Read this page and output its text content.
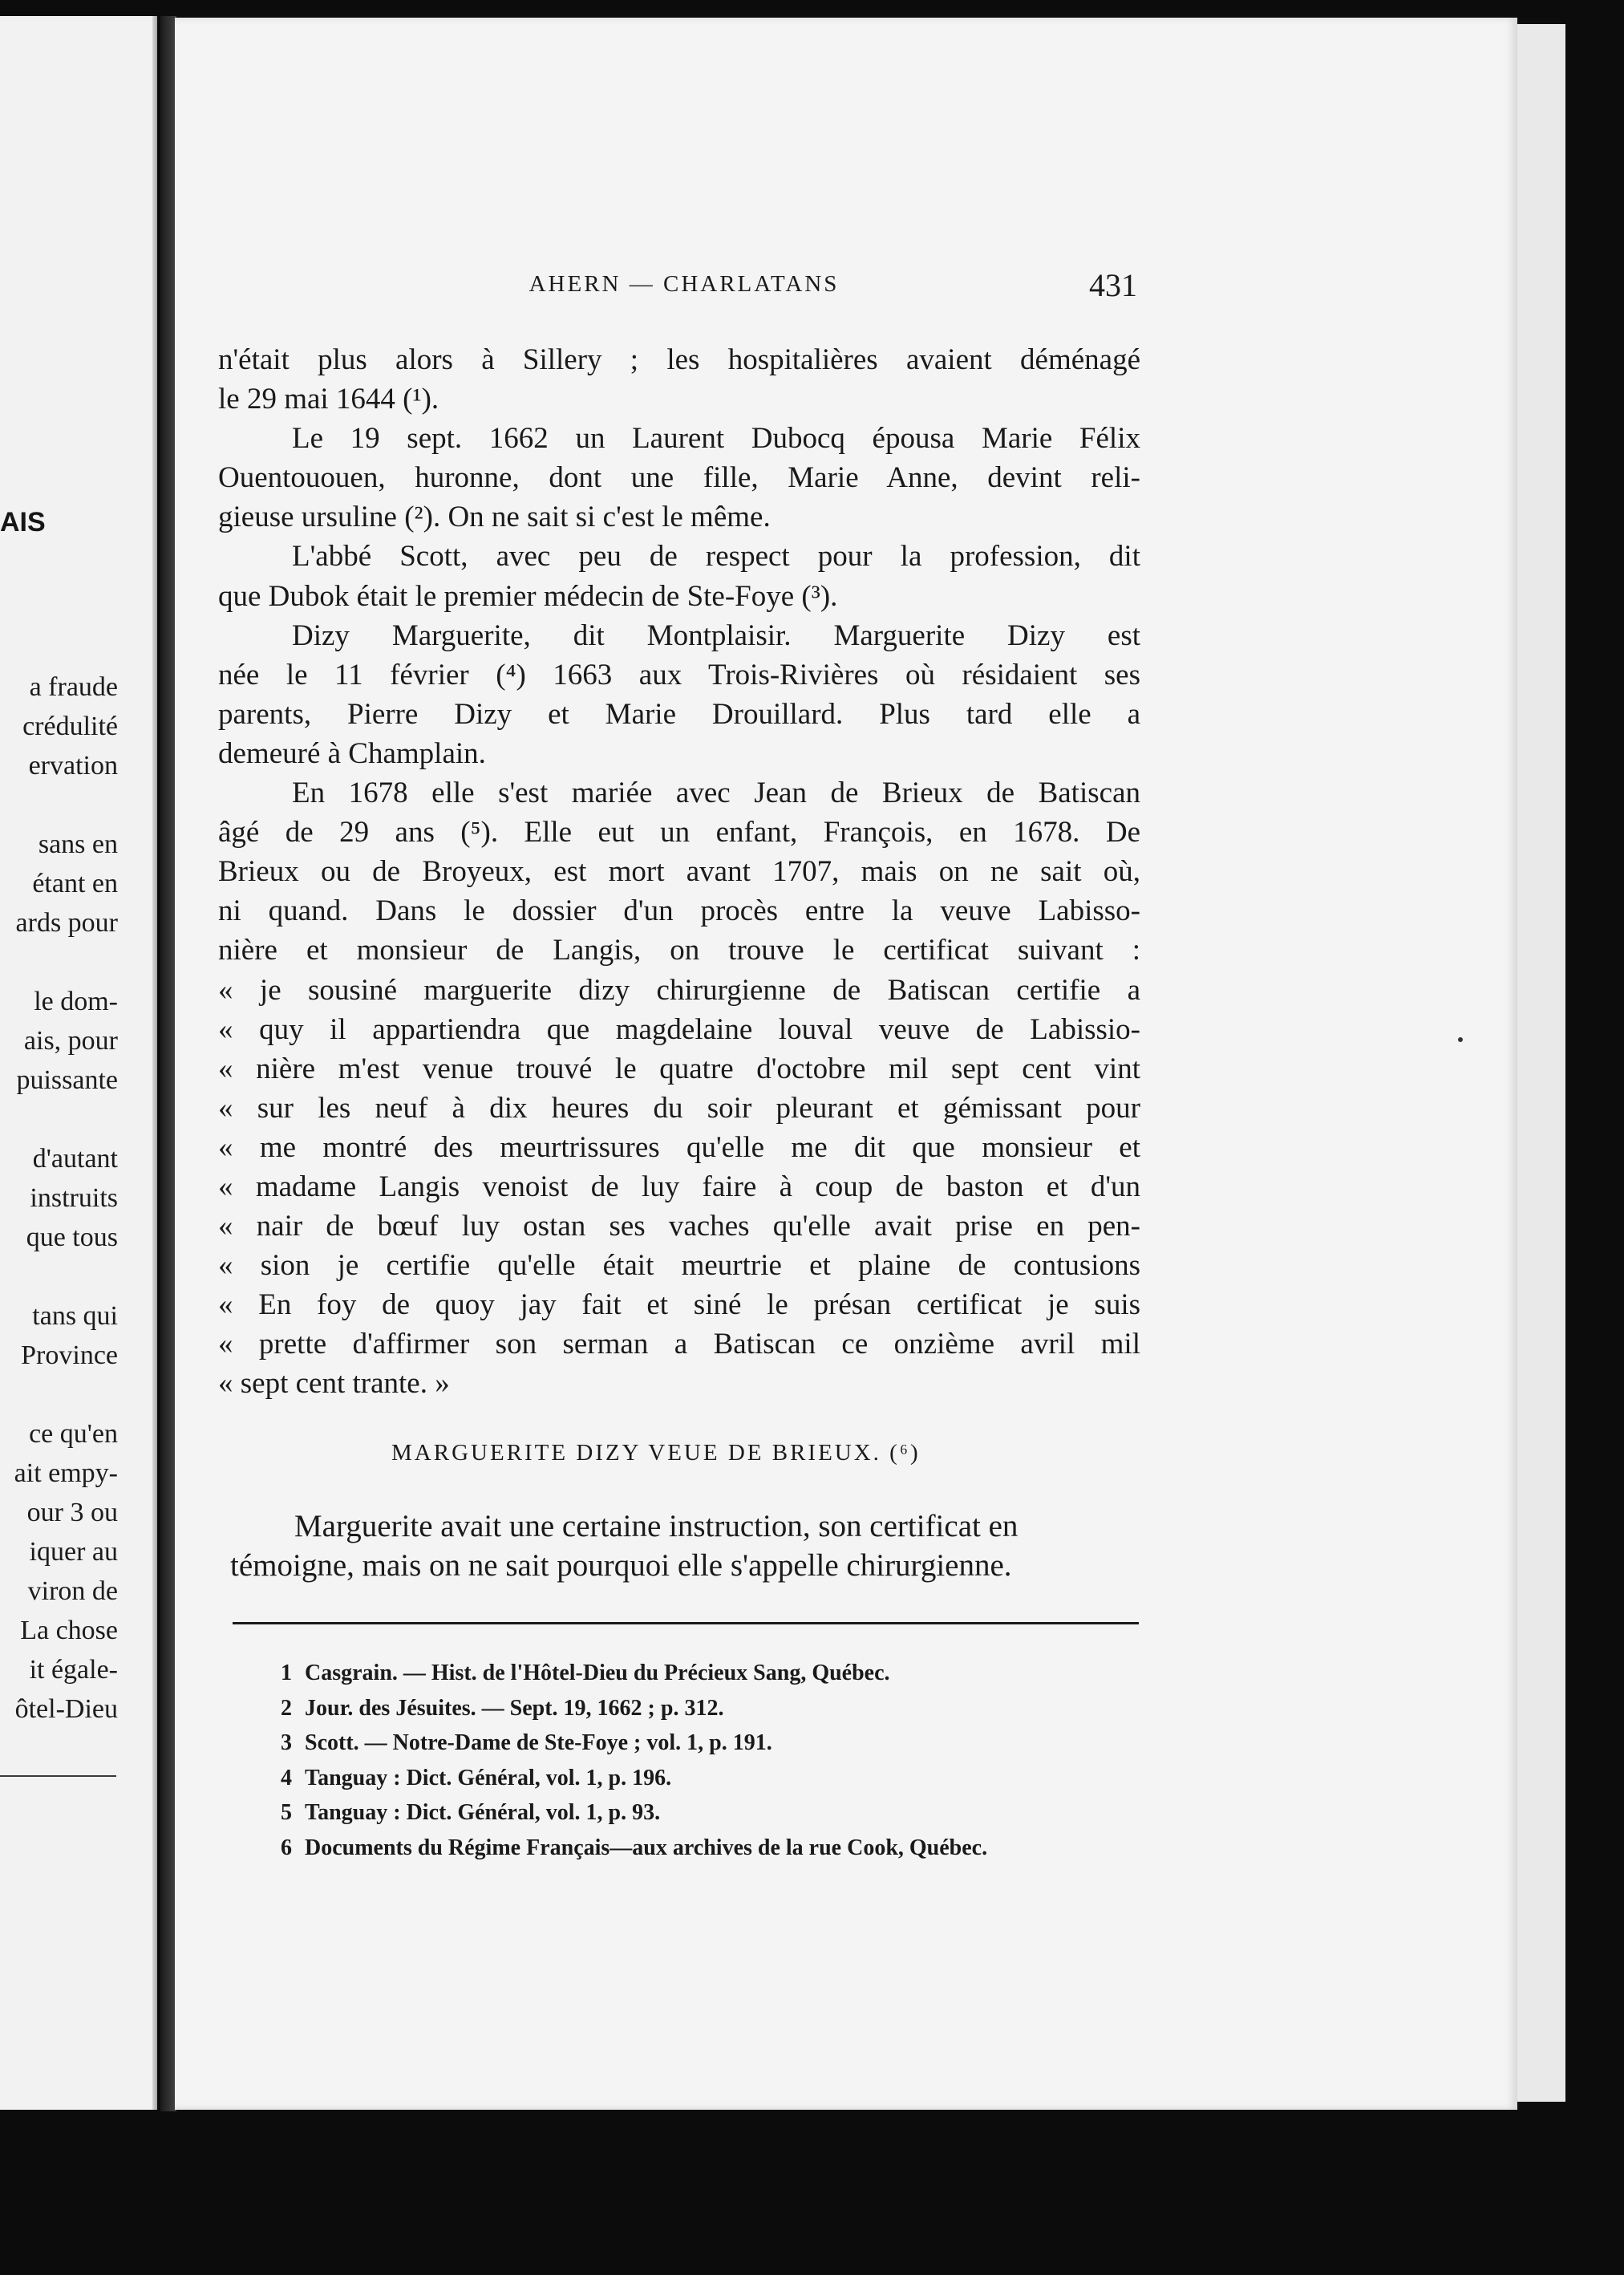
AIS
a fraude
crédulité
ervation
sans en
étant en
ards pour
le dom-
ais, pour
puissante
d'autant
instruits
que tous
tans qui
Province
ce qu'en
ait empy-
our 3 ou
iquer au
viron de
La chose
it égale-
ôtel-Dieu
AHERN — CHARLATANS	431
n'était plus alors à Sillery ; les hospitalières avaient déménagé
le 29 mai 1644 (¹).
Le 19 sept. 1662 un Laurent Dubocq épousa Marie Félix
Ouentououen, huronne, dont une fille, Marie Anne, devint reli-
gieuse ursuline (²). On ne sait si c'est le même.
L'abbé Scott, avec peu de respect pour la profession, dit
que Dubok était le premier médecin de Ste-Foye (³).
Dizy Marguerite, dit Montplaisir. Marguerite Dizy est
née le 11 février (⁴) 1663 aux Trois-Rivières où résidaient ses
parents, Pierre Dizy et Marie Drouillard. Plus tard elle a
demeuré à Champlain.
En 1678 elle s'est mariée avec Jean de Brieux de Batiscan
âgé de 29 ans (⁵). Elle eut un enfant, François, en 1678. De
Brieux ou de Broyeux, est mort avant 1707, mais on ne sait où,
ni quand. Dans le dossier d'un procès entre la veuve Labisso-
nière et monsieur de Langis, on trouve le certificat suivant :
« je sousiné marguerite dizy chirurgienne de Batiscan certifie a
« quy il appartiendra que magdelaine louval veuve de Labissio-
« nière m'est venue trouvé le quatre d'octobre mil sept cent vint
« sur les neuf à dix heures du soir pleurant et gémissant pour
« me montré des meurtrissures qu'elle me dit que monsieur et
« madame Langis venoist de luy faire à coup de baston et d'un
« nair de bœuf luy ostan ses vaches qu'elle avait prise en pen-
« sion je certifie qu'elle était meurtrie et plaine de contusions
« En foy de quoy jay fait et siné le présan certificat je suis
« prette d'affirmer son serman a Batiscan ce onzième avril mil
« sept cent trante. »
MARGUERITE DIZY VEUE DE BRIEUX. (⁶)
Marguerite avait une certaine instruction, son certificat en
témoigne, mais on ne sait pourquoi elle s'appelle chirurgienne.
1 Casgrain. — Hist. de l'Hôtel-Dieu du Précieux Sang, Québec.
2 Jour. des Jésuites. — Sept. 19, 1662 ; p. 312.
3 Scott. — Notre-Dame de Ste-Foye ; vol. 1, p. 191.
4 Tanguay : Dict. Général, vol. 1, p. 196.
5 Tanguay : Dict. Général, vol. 1, p. 93.
6 Documents du Régime Français—aux archives de la rue Cook, Québec.
